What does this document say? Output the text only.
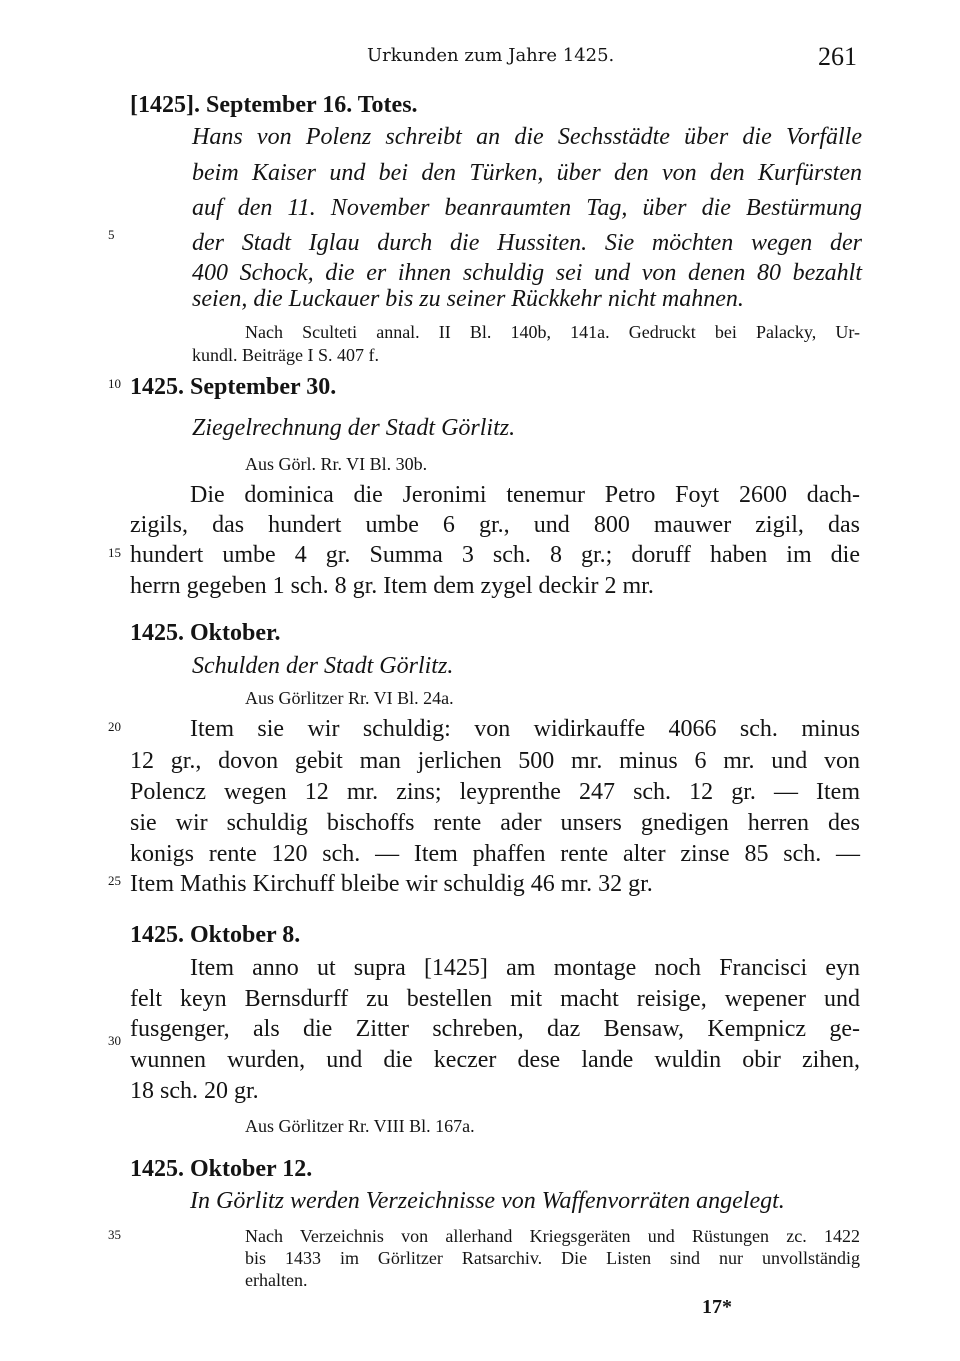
Urkunden zum Jahre 1425.	261
5
10
15
20
25
30
35
[1425]. September 16. Totes.
Hans von Polenz schreibt an die Sechsstädte über die Vorfälle
beim Kaiser und bei den Türken, über den von den Kurfürsten
auf den 11. November beanraumten Tag, über die Bestürmung
der Stadt Iglau durch die Hussiten. Sie möchten wegen der
400 Schock, die er ihnen schuldig sei und von denen 80 bezahlt
seien, die Luckauer bis zu seiner Rückkehr nicht mahnen.
Nach Sculteti annal. II Bl. 140b, 141a. Gedruckt bei Palacky, Ur-
kundl. Beiträge I S. 407 f.
1425. September 30.
Ziegelrechnung der Stadt Görlitz.
Aus Görl. Rr. VI Bl. 30b.
Die dominica die Jeronimi tenemur Petro Foyt 2600 dach-
zigils, das hundert umbe 6 gr., und 800 mauwer zigil, das
hundert umbe 4 gr. Summa 3 sch. 8 gr.; doruff haben im die
herrn gegeben 1 sch. 8 gr. Item dem zygel deckir 2 mr.
1425. Oktober.
Schulden der Stadt Görlitz.
Aus Görlitzer Rr. VI Bl. 24a.
Item sie wir schuldig: von widirkauffe 4066 sch. minus
12 gr., dovon gebit man jerlichen 500 mr. minus 6 mr. und von
Polencz wegen 12 mr. zins; leyprenthe 247 sch. 12 gr. — Item
sie wir schuldig bischoffs rente ader unsers gnedigen herren des
konigs rente 120 sch. — Item phaffen rente alter zinse 85 sch. —
Item Mathis Kirchuff bleibe wir schuldig 46 mr. 32 gr.
1425. Oktober 8.
Item anno ut supra [1425] am montage noch Francisci eyn
felt keyn Bernsdurff zu bestellen mit macht reisige, wepener und
fusgenger, als die Zitter schreben, daz Bensaw, Kempnicz ge-
wunnen wurden, und die keczer dese lande wuldin obir zihen,
18 sch. 20 gr.
Aus Görlitzer Rr. VIII Bl. 167a.
1425. Oktober 12.
In Görlitz werden Verzeichnisse von Waffenvorräten angelegt.
Nach Verzeichnis von allerhand Kriegsgeräten und Rüstungen zc. 1422
bis 1433 im Görlitzer Ratsarchiv. Die Listen sind nur unvollständig
erhalten.
17*
